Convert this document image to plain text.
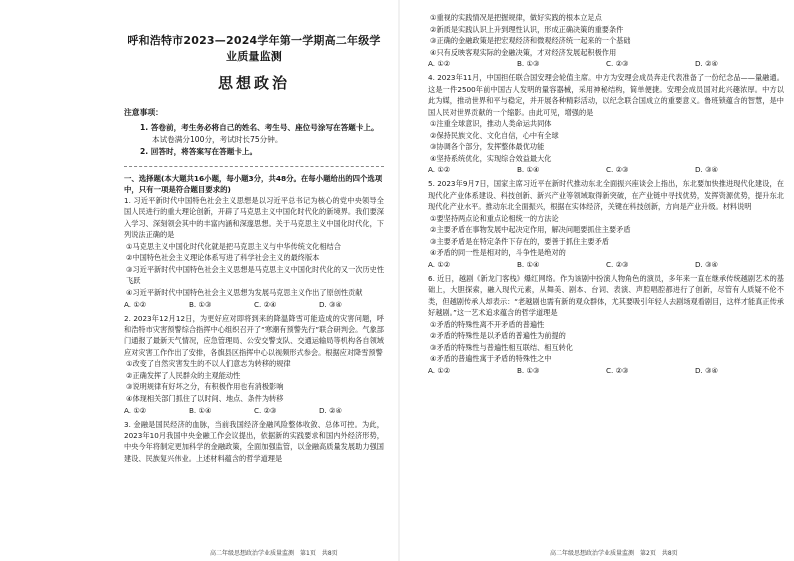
呼和浩特市2023—2024学年第一学期高二年级学业质量监测
思想政治
注意事项：
1. 答卷前，考生务必将自己的姓名、考生号、座位号涂写在答题卡上。
本试卷满分100分，考试时长75分钟。
2. 回答时，将答案写在答题卡上。
一、选择题(本大题共16小题，每小题3分，共48分。在每小题给出的四个选项中，只有一项是符合题目要求的)

1. 习近平新时代中国特色社会主义思想是以习近平总书记为核心的党中央领导全国人民进行的重大理论创新，开辟了马克思主义中国化时代化的新境界。我们要深入学习、深刻领会其中的丰富内涵和深邃思想。关于马克思主义中国化时代化，下列说法正确的是

①马克思主义中国化时代化就是把马克思主义与中华传统文化相结合
②中国特色社会主义理论体系写进了科学社会主义的最终版本
③习近平新时代中国特色社会主义思想是马克思主义中国化时代化的又一次历史性飞跃
④习近平新时代中国特色社会主义思想为发展马克思主义作出了原创性贡献
A. ①②	B. ①③	C. ②④	D. ③④

2. 2023年12月12日，为更好应对即将到来的降温降雪可能造成的灾害问题，呼和浩特市灾害预警综合指挥中心组织召开了“寒潮有预警先行”联合研判会。气象部门通报了最新天气情况，应急管理局、公安交警支队、交通运输局等机构各自领域应对灾害工作作出了安排，各旗县区指挥中心以视频形式参会。根据应对降雪预警

①改变了自然灾害发生的不以人们意志为转移的规律
②正确发挥了人民群众的主观能动性
③说明规律有好坏之分，有积极作用也有消极影响
④体现相关部门抓住了以时间、地点、条件为转移
A. ①②	B. ①④	C. ②③	D. ②④

3. 金融是国民经济的血脉，当前我国经济金融风险整体收敛、总体可控。为此，2023年10月我国中央金融工作会议提出，依据新的实践要求和国内外经济形势，中央今年将制定更加科学的金融政策，全面加强监管，以金融高质量发展助力强国建设、民族复兴伟业。上述材料蕴含的哲学道理是

高二年级思想政治学业质量监测　第1页　共8页
①重视的实践情况是把握规律，做好实践的根本立足点
②新质是实践认识上升到理性认识，形成正确决策的重要条件
③正确的金融政策是把宏观经济和微观经济统一起来的一个基础
④只有反映客观实际的金融决策，才对经济发展起积极作用
A. ①②	B. ①③	C. ②③	D. ②④

4. 2023年11月，中国担任联合国安理会轮值主席。中方为安理会成员奔走代表准备了一份纪念品——量融通。这是一件2500年前中国古人发明的量容器械，采用神秘结构，简单便捷。安理会成员国对此兴趣浓厚。中方以此为媒，推动世界和平与稳定，并开展各种精彩活动，以纪念联合国成立的重要意义。鲁班锁蕴含的智慧，是中国人民对世界贡献的一个缩影。由此可见，增强的是

①注重全球意识，推动人类命运共同体
②保持民族文化、文化自信，心中有全球
③协调各个部分，发挥整体最优功能
④坚持系统优化，实现综合效益最大化
A. ①②	B. ①④	C. ②③	D. ③④

5. 2023年9月7日，国家主席习近平在新时代推动东北全面振兴座谈会上指出，东北要加快推进现代化建设，在现代化产业体系建设、科技创新、新兴产业等领域取得新突破，在产业链中寻找优势，发挥资源优势，提升东北现代化产业水平。推动东北全面振兴，根据在实体经济，关键在科技创新，方向是产业升级。材料说明

①要坚持两点论和重点论相统一的方法论
②主要矛盾在事物发展中起决定作用，解决问题要抓住主要矛盾
③主要矛盾是在特定条件下存在的，要善于抓住主要矛盾
④矛盾的同一性是相对的，斗争性是绝对的
A. ①②	B. ①④	C. ②③	D. ③④

6. 近日，越剧《新龙门客栈》爆红网络。作为该剧中扮演人物角色的演员，多年来一直在继承传统越剧艺术的基础上，大胆探索，融入现代元素，从舞美、剧本、台词、表演、声腔唱腔都进行了创新，尽管有人质疑不伦不类，但越剧传承人却表示：“老越剧也需有新的观众群体，尤其要吸引年轻人去剧场观看剧目，这样才能真正传承好越剧。”这一艺术追求蕴含的哲学道理是

①矛盾的特殊性离不开矛盾的普遍性
②矛盾的特殊性是以矛盾的普遍性为前提的
③矛盾的特殊性与普遍性相互联结、相互转化
④矛盾的普遍性寓于矛盾的特殊性之中
A. ①②	B. ①③	C. ②③	D. ③④
高二年级思想政治学业质量监测　第2页　共8页
